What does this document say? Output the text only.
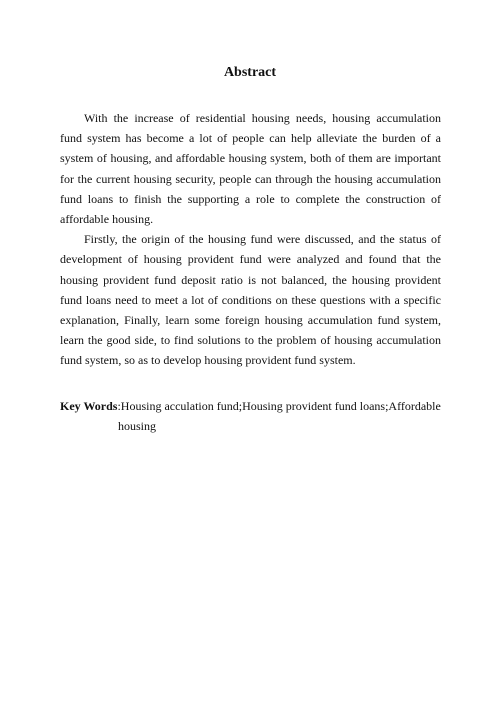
Abstract

With the increase of residential housing needs, housing accumulation fund system has become a lot of people can help alleviate the burden of a system of housing, and affordable housing system, both of them are important for the current housing security, people can through the housing accumulation fund loans to finish the supporting a role to complete the construction of affordable housing.

Firstly, the origin of the housing fund were discussed, and the status of development of housing provident fund were analyzed and found that the housing provident fund deposit ratio is not balanced, the housing provident fund loans need to meet a lot of conditions on these questions with a specific explanation, Finally, learn some foreign housing accumulation fund system, learn the good side, to find solutions to the problem of housing accumulation fund system, so as to develop housing provident fund system.

Key Words:Housing acculation fund;Housing provident fund loans;Affordable
housing
